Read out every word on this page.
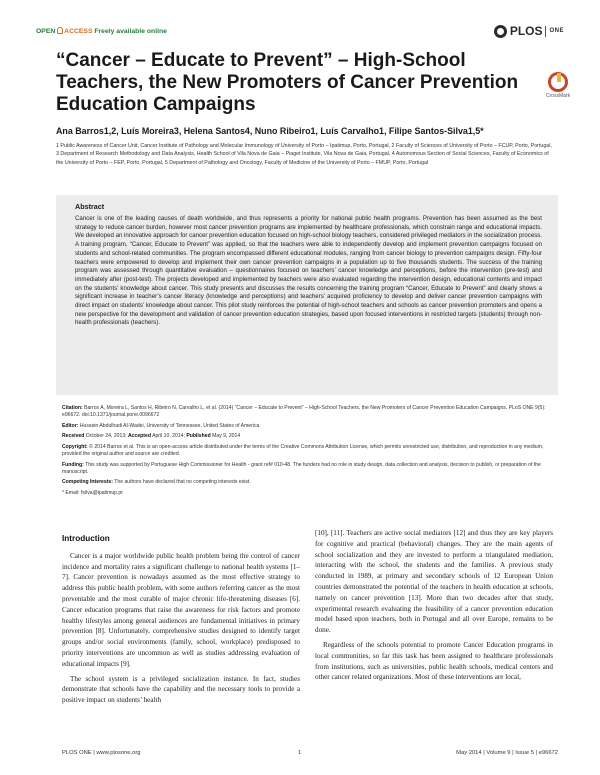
OPEN ACCESS Freely available online	PLOS ONE
“Cancer – Educate to Prevent” – High-School Teachers, the New Promoters of Cancer Prevention Education Campaigns	CrossMark
Ana Barros1,2, Luís Moreira3, Helena Santos4, Nuno Ribeiro1, Luís Carvalho1, Filipe Santos-Silva1,5*
1 Public Awareness of Cancer Unit, Cancer Institute of Pathology and Molecular Immunology of University of Porto – Ipatimup, Porto, Portugal, 2 Faculty of Sciences of University of Porto – FCUP, Porto, Portugal, 3 Department of Research Methodology and Data Analysis, Health School of Vila Nova de Gaia – Piaget Institute, Vila Nova de Gaia, Portugal, 4 Autonomous Section of Social Sciences, Faculty of Economics of the University of Porto – FEP, Porto, Portugal, 5 Department of Pathology and Oncology, Faculty of Medicine of the University of Porto – FMUP, Porto, Portugal
Abstract
Cancer is one of the leading causes of death worldwide, and thus represents a priority for national public health programs. Prevention has been assumed as the best strategy to reduce cancer burden, however most cancer prevention programs are implemented by healthcare professionals, which constrain range and educational impacts. We developed an innovative approach for cancer prevention education focused on high-school biology teachers, considered privileged mediators in the socialization process. A training program, “Cancer, Educate to Prevent” was applied, so that the teachers were able to independently develop and implement prevention campaigns focused on students and school-related communities. The program encompassed different educational modules, ranging from cancer biology to prevention campaigns design. Fifty-four teachers were empowered to develop and implement their own cancer prevention campaigns in a population up to five thousands students. The success of the training program was assessed through quantitative evaluation – questionnaires focused on teachers’ cancer knowledge and perceptions, before the intervention (pre-test) and immediately after (post-test). The projects developed and implemented by teachers were also evaluated regarding the intervention design, educational contents and impact on the students’ knowledge about cancer. This study presents and discusses the results concerning the training program “Cancer, Educate to Prevent” and clearly shows a significant increase in teacher’s cancer literacy (knowledge and perceptions) and teachers’ acquired proficiency to develop and deliver cancer prevention campaigns with direct impact on students’ knowledge about cancer. This pilot study reinforces the potential of high-school teachers and schools as cancer prevention promoters and opens a new perspective for the development and validation of cancer prevention education strategies, based upon focused interventions in restricted targets (students) through non-health professionals (teachers).

Citation: Barros A, Moreira L, Santos H, Ribeiro N, Carvalho L, et al. (2014) “Cancer – Educate to Prevent” – High-School Teachers, the New Promoters of Cancer Prevention Education Campaigns. PLoS ONE 9(5): e96672. doi:10.1371/journal.pone.0096672

Editor: Hussein Abdulhadi Al-Wadei, University of Tennessee, United States of America

Received October 24, 2013; Accepted April 10, 2014; Published May 9, 2014

Copyright: © 2014 Barros et al. This is an open-access article distributed under the terms of the Creative Commons Attribution License, which permits unrestricted use, distribution, and reproduction in any medium, provided the original author and source are credited.

Funding: This study was supported by Portuguese High Commissioner for Health - grant ref# 010-48. The funders had no role in study design, data collection and analysis, decision to publish, or preparation of the manuscript.

Competing Interests: The authors have declared that no competing interests exist.

* Email: fsilva@ipatimup.pt

Introduction

Cancer is a major worldwide public health problem being the control of cancer incidence and mortality rates a significant challenge to national health systems [1–7]. Cancer prevention is nowadays assumed as the most effective strategy to address this public health problem, with some authors referring cancer as the most preventable and the most curable of major chronic life-threatening diseases [6]. Cancer education programs that raise the awareness for risk factors and promote healthy lifestyles among general audiences are fundamental initiatives in primary prevention [8]. Unfortunately, comprehensive studies designed to identify target groups and/or social environments (family, school, workplace) predisposed to priority interventions are uncommon as well as studies addressing evaluation of educational impacts [9].

The school system is a privileged socialization instance. In fact, studies demonstrate that schools have the capability and the necessary tools to provide a positive impact on students’ health

[10], [11]. Teachers are active social mediators [12] and thus they are key players for cognitive and practical (behavioral) changes. They are the main agents of school socialization and they are invested to perform a triangulated mediation, interacting with the school, the students and the families. A previous study conducted in 1989, at primary and secondary schools of 12 European Union countries demonstrated the potential of the teachers in health education at schools, namely on cancer prevention [13]. More than two decades after that study, experimental research evaluating the feasibility of a cancer prevention education model based upon teachers, both in Portugal and all over Europe, remains to be done.

Regardless of the schools potential to promote Cancer Education programs in local communities, so far this task has been assigned to healthcare professionals from institutions, such as universities, public health schools, medical centers and other cancer related organizations. Most of these interventions are local,

PLOS ONE | www.plosone.org	1	May 2014 | Volume 9 | Issue 5 | e96672
